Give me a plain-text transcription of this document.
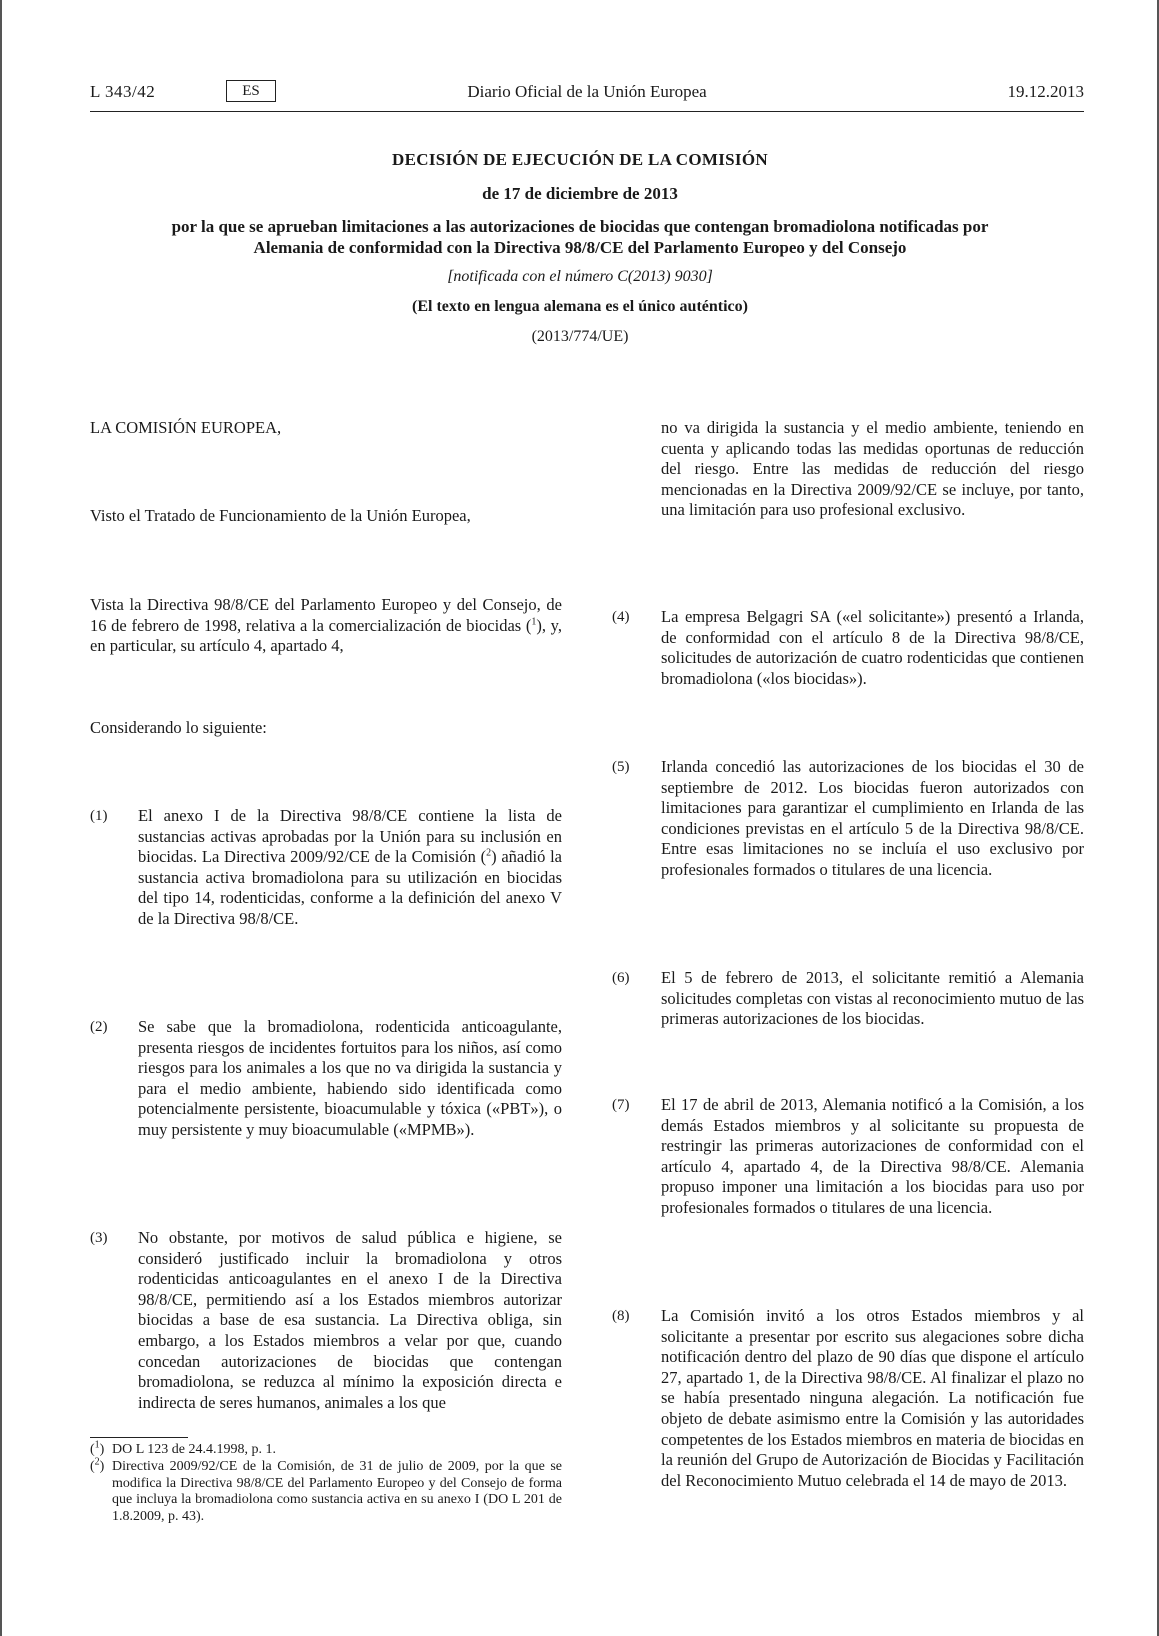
Diario Oficial de la Unión Europea
L 343/42	ES	19.12.2013
DECISIÓN DE EJECUCIÓN DE LA COMISIÓN
de 17 de diciembre de 2013
por la que se aprueban limitaciones a las autorizaciones de biocidas que contengan bromadiolona notificadas por Alemania de conformidad con la Directiva 98/8/CE del Parlamento Europeo y del Consejo
[notificada con el número C(2013) 9030]
(El texto en lengua alemana es el único auténtico)
(2013/774/UE)
LA COMISIÓN EUROPEA,
Visto el Tratado de Funcionamiento de la Unión Europea,
Vista la Directiva 98/8/CE del Parlamento Europeo y del Consejo, de 16 de febrero de 1998, relativa a la comercialización de biocidas ($^1$), y, en particular, su artículo 4, apartado 4,
Considerando lo siguiente:
(1) El anexo I de la Directiva 98/8/CE contiene la lista de sustancias activas aprobadas por la Unión para su inclusión en biocidas. La Directiva 2009/92/CE de la Comisión ($^2$) añadió la sustancia activa bromadiolona para su utilización en biocidas del tipo 14, rodenticidas, conforme a la definición del anexo V de la Directiva 98/8/CE.
(2) Se sabe que la bromadiolona, rodenticida anticoagulante, presenta riesgos de incidentes fortuitos para los niños, así como riesgos para los animales a los que no va dirigida la sustancia y para el medio ambiente, habiendo sido identificada como potencialmente persistente, bioacumulable y tóxica («PBT»), o muy persistente y muy bioacumulable («MPMB»).
(3) No obstante, por motivos de salud pública e higiene, se consideró justificado incluir la bromadiolona y otros rodenticidas anticoagulantes en el anexo I de la Directiva 98/8/CE, permitiendo así a los Estados miembros autorizar biocidas a base de esa sustancia. La Directiva obliga, sin embargo, a los Estados miembros a velar por que, cuando concedan autorizaciones de biocidas que contengan bromadiolona, se reduzca al mínimo la exposición directa e indirecta de seres humanos, animales a los que
($^1$) DO L 123 de 24.4.1998, p. 1.
($^2$) Directiva 2009/92/CE de la Comisión, de 31 de julio de 2009, por la que se modifica la Directiva 98/8/CE del Parlamento Europeo y del Consejo de forma que incluya la bromadiolona como sustancia activa en su anexo I (DO L 201 de 1.8.2009, p. 43).
no va dirigida la sustancia y el medio ambiente, teniendo en cuenta y aplicando todas las medidas oportunas de reducción del riesgo. Entre las medidas de reducción del riesgo mencionadas en la Directiva 2009/92/CE se incluye, por tanto, una limitación para uso profesional exclusivo.
(4) La empresa Belgagri SA («el solicitante») presentó a Irlanda, de conformidad con el artículo 8 de la Directiva 98/8/CE, solicitudes de autorización de cuatro rodenticidas que contienen bromadiolona («los biocidas»).
(5) Irlanda concedió las autorizaciones de los biocidas el 30 de septiembre de 2012. Los biocidas fueron autorizados con limitaciones para garantizar el cumplimiento en Irlanda de las condiciones previstas en el artículo 5 de la Directiva 98/8/CE. Entre esas limitaciones no se incluía el uso exclusivo por profesionales formados o titulares de una licencia.
(6) El 5 de febrero de 2013, el solicitante remitió a Alemania solicitudes completas con vistas al reconocimiento mutuo de las primeras autorizaciones de los biocidas.
(7) El 17 de abril de 2013, Alemania notificó a la Comisión, a los demás Estados miembros y al solicitante su propuesta de restringir las primeras autorizaciones de conformidad con el artículo 4, apartado 4, de la Directiva 98/8/CE. Alemania propuso imponer una limitación a los biocidas para uso por profesionales formados o titulares de una licencia.
(8) La Comisión invitó a los otros Estados miembros y al solicitante a presentar por escrito sus alegaciones sobre dicha notificación dentro del plazo de 90 días que dispone el artículo 27, apartado 1, de la Directiva 98/8/CE. Al finalizar el plazo no se había presentado ninguna alegación. La notificación fue objeto de debate asimismo entre la Comisión y las autoridades competentes de los Estados miembros en materia de biocidas en la reunión del Grupo de Autorización de Biocidas y Facilitación del Reconocimiento Mutuo celebrada el 14 de mayo de 2013.
